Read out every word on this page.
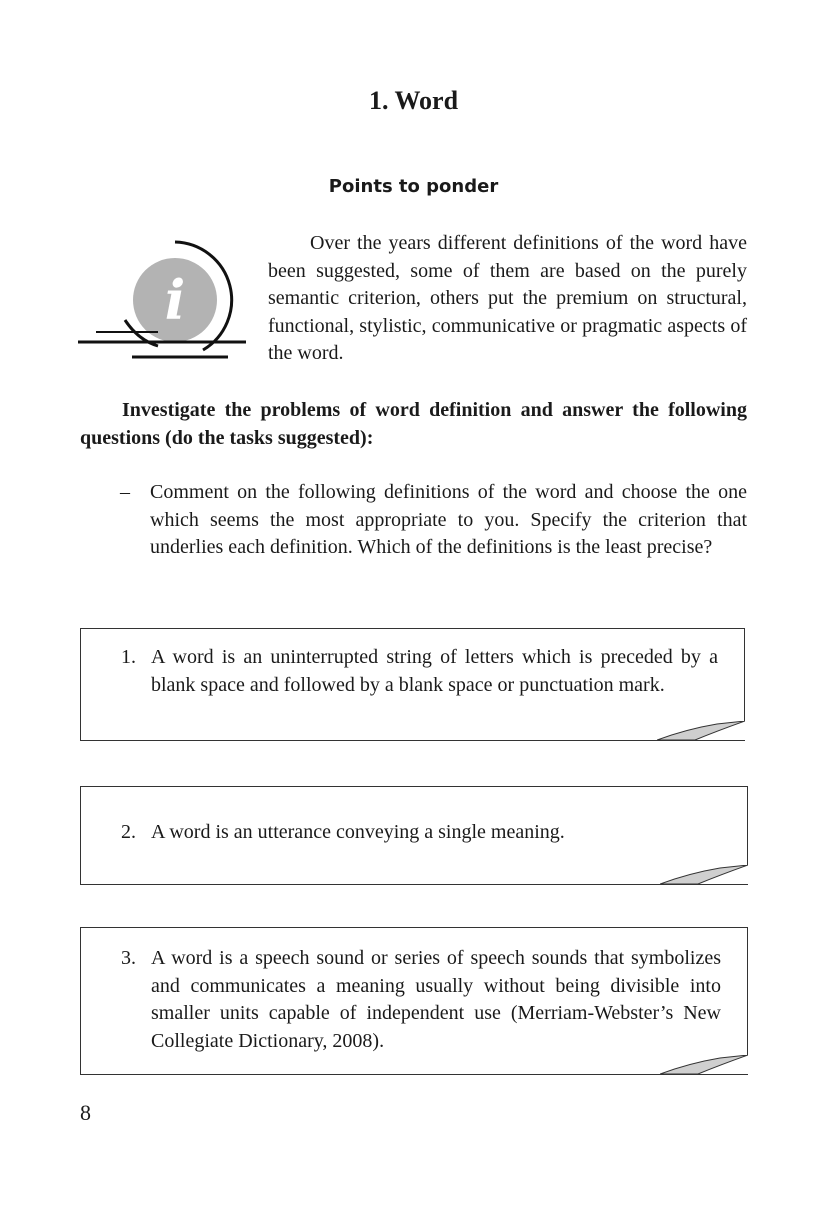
1. Word
Points to ponder
i

Over the years different definitions of the word have been suggested, some of them are based on the purely semantic criterion, others put the premium on structural, functional, stylistic, communicative or pragmatic aspects of the word.

Investigate the problems of word definition and answer the following questions (do the tasks suggested):

– Comment on the following definitions of the word and choose the one which seems the most appropriate to you. Specify the criterion that underlies each definition. Which of the definitions is the least precise?
1. A word is an uninterrupted string of letters which is preceded by a blank space and followed by a blank space or punctuation mark.
2. A word is an utterance conveying a single meaning.
3. A word is a speech sound or series of speech sounds that symbolizes and communicates a meaning usually without being divisible into smaller units capable of independent use (Merriam-Webster’s New Collegiate Dictionary, 2008).

8
